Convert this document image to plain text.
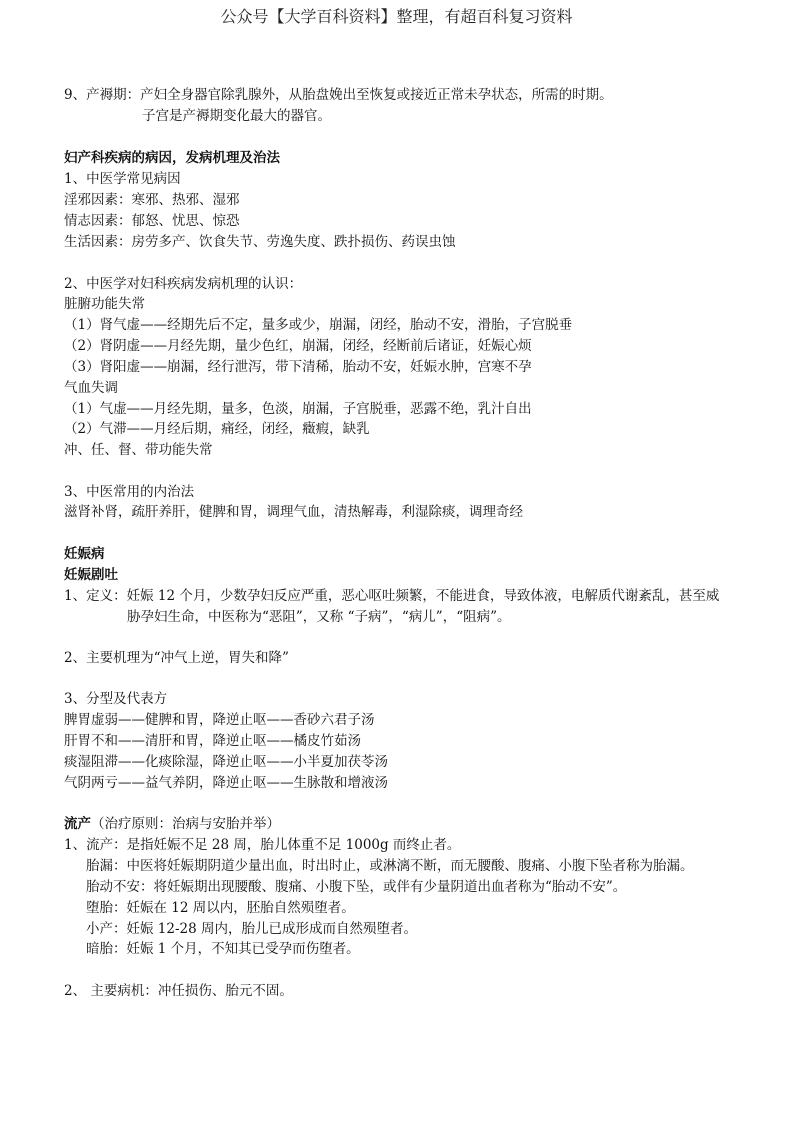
公众号【大学百科资料】整理，有超百科复习资料
9、产褥期：产妇全身器官除乳腺外，从胎盘娩出至恢复或接近正常未孕状态，所需的时期。
子宫是产褥期变化最大的器官。
妇产科疾病的病因，发病机理及治法
1、中医学常见病因
淫邪因素：寒邪、热邪、湿邪
情志因素：郁怒、忧思、惊恐
生活因素：房劳多产、饮食失节、劳逸失度、跌扑损伤、药误虫蚀
2、中医学对妇科疾病发病机理的认识：
脏腑功能失常
（1）肾气虚——经期先后不定，量多或少，崩漏，闭经，胎动不安，滑胎，子宫脱垂
（2）肾阴虚——月经先期，量少色红，崩漏，闭经，经断前后诸证，妊娠心烦
（3）肾阳虚——崩漏，经行泄泻，带下清稀，胎动不安，妊娠水肿，宫寒不孕
气血失调
（1）气虚——月经先期，量多，色淡，崩漏，子宫脱垂，恶露不绝，乳汁自出
（2）气滞——月经后期，痛经，闭经，癥瘕，缺乳
冲、任、督、带功能失常
3、中医常用的内治法
滋肾补肾，疏肝养肝，健脾和胃，调理气血，清热解毒，利湿除痰，调理奇经
妊娠病
妊娠剧吐
1、定义：妊娠 12 个月，少数孕妇反应严重，恶心呕吐频繁，不能进食，导致体液，电解质代谢紊乱，甚至威
胁孕妇生命，中医称为“恶阻”，又称 “子病”，“病儿”，“阻病”。
2、主要机理为“冲气上逆，胃失和降”
3、分型及代表方
脾胃虚弱——健脾和胃，降逆止呕——香砂六君子汤
肝胃不和——清肝和胃，降逆止呕——橘皮竹茹汤
痰湿阻滞——化痰除湿，降逆止呕——小半夏加茯苓汤
气阴两亏——益气养阴，降逆止呕——生脉散和增液汤
流产（治疗原则：治病与安胎并举）
1、流产：是指妊娠不足 28 周，胎儿体重不足 1000g 而终止者。
胎漏：中医将妊娠期阴道少量出血，时出时止，或淋漓不断，而无腰酸、腹痛、小腹下坠者称为胎漏。
胎动不安：将妊娠期出现腰酸、腹痛、小腹下坠，或伴有少量阴道出血者称为“胎动不安”。
堕胎：妊娠在 12 周以内，胚胎自然殒堕者。
小产：妊娠 12-28 周内，胎儿已成形成而自然殒堕者。
暗胎：妊娠 1 个月，不知其已受孕而伤堕者。
2、 主要病机：冲任损伤、胎元不固。
